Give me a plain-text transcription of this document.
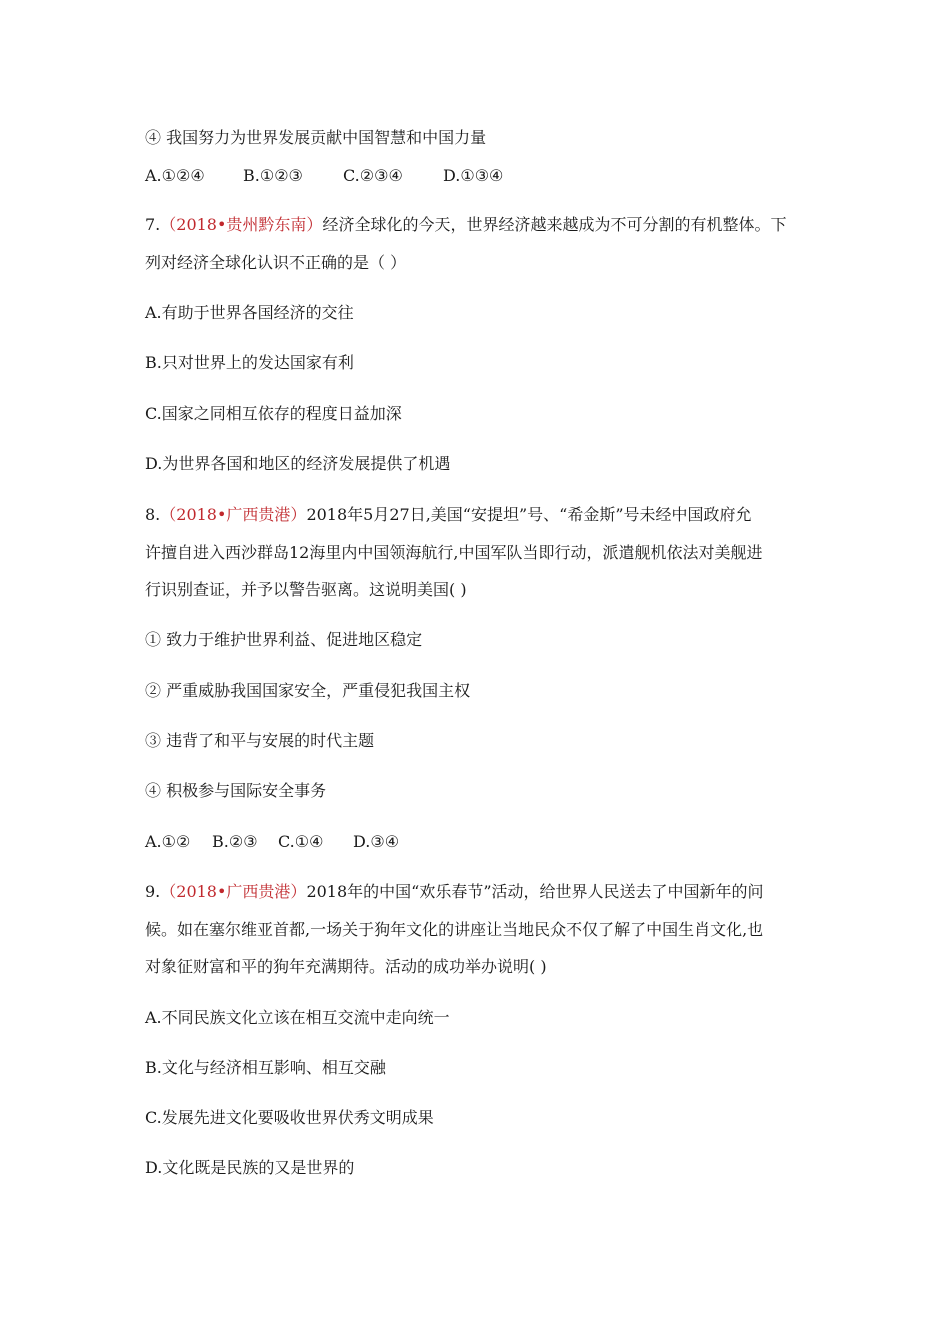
④ 我国努力为世界发展贡献中国智慧和中国力量
A.①②④ B.①②③	C.②③④	D.①③④
7.（2018•贵州黔东南）经济全球化的今天，世界经济越来越成为不可分割的有机整体。下
列对经济全球化认识不正确的是（ ）
A.有助于世界各国经济的交往
B.只对世界上的发达国家有利
C.国家之同相互依存的程度日益加深
D.为世界各国和地区的经济发展提供了机遇
8.（2018•广西贵港）2018年5月27日,美国“安提坦”号、“希金斯”号未经中国政府允
许擅自进入西沙群岛12海里内中国领海航行,中国军队当即行动，派遣舰机依法对美舰进
行识别查证，并予以警告驱离。这说明美国( )
① 致力于维护世界利益、促进地区稳定
② 严重威胁我国国家安全，严重侵犯我国主权
③ 违背了和平与安展的时代主题
④ 积极参与国际安全事务
A.①② B.②③ C.①④ D.③④
9.（2018•广西贵港）2018年的中国“欢乐春节”活动，给世界人民送去了中国新年的问
候。如在塞尔维亚首都,一场关于狗年文化的讲座让当地民众不仅了解了中国生肖文化,也
对象征财富和平的狗年充满期待。活动的成功举办说明( )
A.不同民族文化立该在相互交流中走向统一
B.文化与经济相互影响、相互交融
C.发展先进文化要吸收世界伏秀文明成果
D.文化既是民族的又是世界的
